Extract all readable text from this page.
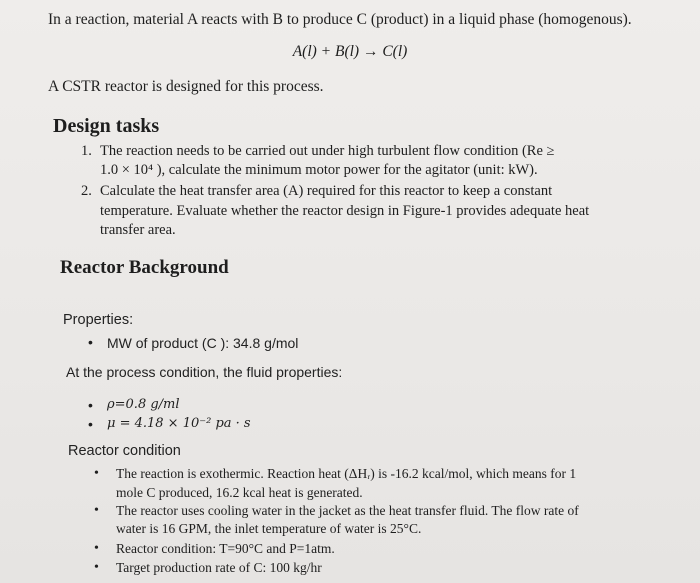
In a reaction, material A reacts with B to produce C (product) in a liquid phase (homogenous).
A(l) + B(l) → C(l)
A CSTR reactor is designed for this process.
Design tasks
1. The reaction needs to be carried out under high turbulent flow condition (Re ≥
1.0 × 10⁴ ), calculate the minimum motor power for the agitator (unit: kW).
2. Calculate the heat transfer area (A) required for this reactor to keep a constant
temperature. Evaluate whether the reactor design in Figure-1 provides adequate heat
transfer area.
Reactor Background
Properties:
• MW of product (C ): 34.8 g/mol
At the process condition, the fluid properties:
• ρ=0.8 g/ml
• μ = 4.18 × 10⁻² pa · s
Reactor condition
• The reaction is exothermic. Reaction heat (ΔHᵣ) is -16.2 kcal/mol, which means for 1
mole C produced, 16.2 kcal heat is generated.
• The reactor uses cooling water in the jacket as the heat transfer fluid. The flow rate of
water is 16 GPM, the inlet temperature of water is 25°C.
• Reactor condition: T=90°C and P=1atm.
• Target production rate of C: 100 kg/hr
